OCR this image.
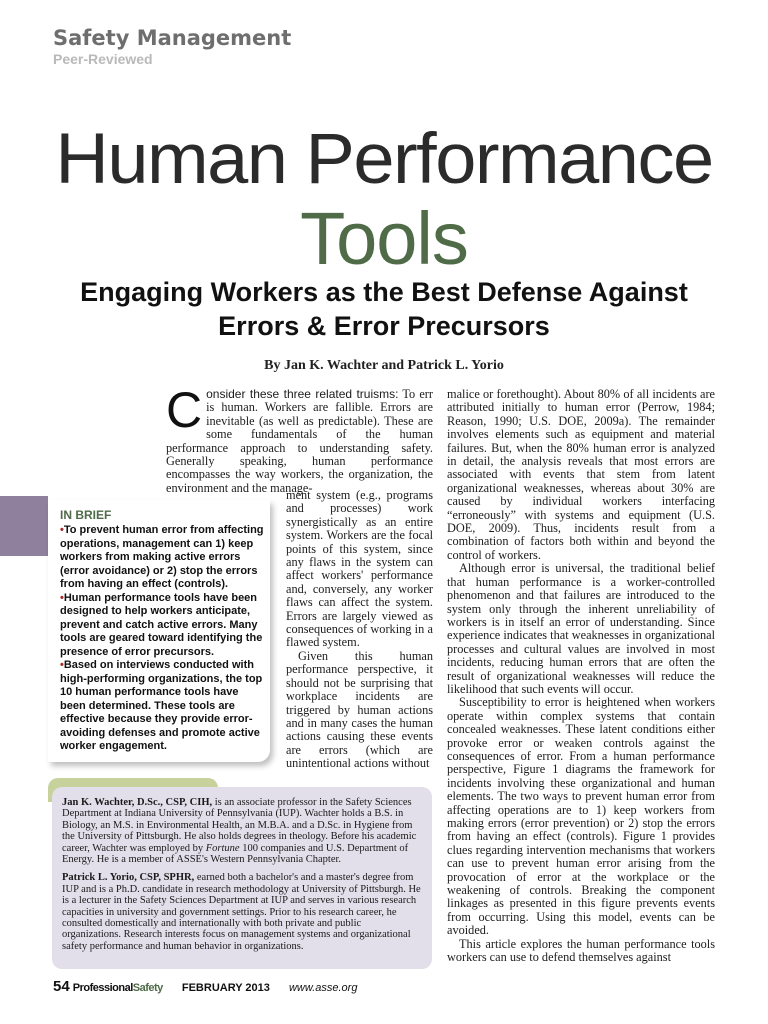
Safety Management
Peer-Reviewed
Human Performance
Tools
Engaging Workers as the Best Defense Against Errors & Error Precursors
By Jan K. Wachter and Patrick L. Yorio

Consider these three related truisms: To err is human. Workers are fallible. Errors are inevitable (as well as predictable). These are some fundamentals of the human performance approach to understanding safety. Generally speaking, human performance encompasses the way workers, the organization, the environment and the manage-

ment system (e.g., programs and processes) work synergistically as an entire system. Workers are the focal points of this system, since any flaws in the system can affect workers' performance and, conversely, any worker flaws can affect the system. Errors are largely viewed as consequences of working in a flawed system.

Given this human performance perspective, it should not be surprising that workplace incidents are triggered by human actions and in many cases the human actions causing these events are errors (which are unintentional actions without

malice or forethought). About 80% of all incidents are attributed initially to human error (Perrow, 1984; Reason, 1990; U.S. DOE, 2009a). The remainder involves elements such as equipment and material failures. But, when the 80% human error is analyzed in detail, the analysis reveals that most errors are associated with events that stem from latent organizational weaknesses, whereas about 30% are caused by individual workers interfacing “erroneously” with systems and equipment (U.S. DOE, 2009). Thus, incidents result from a combination of factors both within and beyond the control of workers.

Although error is universal, the traditional belief that human performance is a worker-controlled phenomenon and that failures are introduced to the system only through the inherent unreliability of workers is in itself an error of understanding. Since experience indicates that weaknesses in organizational processes and cultural values are involved in most incidents, reducing human errors that are often the result of organizational weaknesses will reduce the likelihood that such events will occur.

Susceptibility to error is heightened when workers operate within complex systems that contain concealed weaknesses. These latent conditions either provoke error or weaken controls against the consequences of error. From a human performance perspective, Figure 1 diagrams the framework for incidents involving these organizational and human elements. The two ways to prevent human error from affecting operations are to 1) keep workers from making errors (error prevention) or 2) stop the errors from having an effect (controls). Figure 1 provides clues regarding intervention mechanisms that workers can use to prevent human error arising from the provocation of error at the workplace or the weakening of controls. Breaking the component linkages as presented in this figure prevents events from occurring. Using this model, events can be avoided.

This article explores the human performance tools workers can use to defend themselves against

IN BRIEF

•To prevent human error from affecting operations, management can 1) keep workers from making active errors (error avoidance) or 2) stop the errors from having an effect (controls).

•Human performance tools have been designed to help workers anticipate, prevent and catch active errors. Many tools are geared toward identifying the presence of error precursors.

•Based on interviews conducted with high-performing organizations, the top 10 human performance tools have been determined. These tools are effective because they provide error-avoiding defenses and promote active worker engagement.

Jan K. Wachter, D.Sc., CSP, CIH, is an associate professor in the Safety Sciences Department at Indiana University of Pennsylvania (IUP). Wachter holds a B.S. in Biology, an M.S. in Environmental Health, an M.B.A. and a D.Sc. in Hygiene from the University of Pittsburgh. He also holds degrees in theology. Before his academic career, Wachter was employed by Fortune 100 companies and U.S. Department of Energy. He is a member of ASSE's Western Pennsylvania Chapter.

Patrick L. Yorio, CSP, SPHR, earned both a bachelor's and a master's degree from IUP and is a Ph.D. candidate in research methodology at University of Pittsburgh. He is a lecturer in the Safety Sciences Department at IUP and serves in various research capacities in university and government settings. Prior to his research career, he consulted domestically and internationally with both private and public organizations. Research interests focus on management systems and organizational safety performance and human behavior in organizations.

54 ProfessionalSafety FEBRUARY 2013 www.asse.org
